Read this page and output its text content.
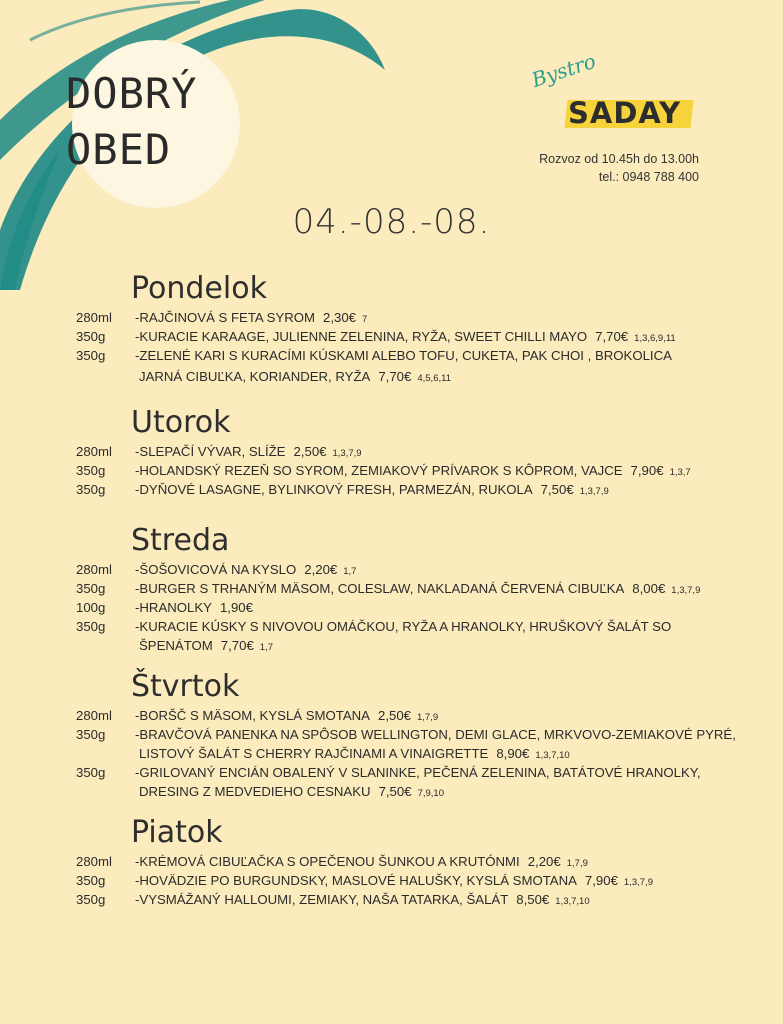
DOBRÝ
OBED
Bystro
SADAY
Rozvoz od 10.45h do 13.00h
tel.: 0948 788 400
04.-08.-08.
Pondelok
280ml -RAJČINOVÁ S FETA SYROM 2,30€ 7
350g -KURACIE KARAAGE, JULIENNE ZELENINA, RYŽA, SWEET CHILLI MAYO 7,70€ 1,3,6,9,11
350g -ZELENÉ KARI S KURACÍMI KÚSKAMI ALEBO TOFU, CUKETA, PAK CHOI , BROKOLICA
JARNÁ CIBUĽKA, KORIANDER, RYŽA 7,70€ 4,5,6,11
Utorok
280ml -SLEPAČÍ VÝVAR, SLÍŽE 2,50€ 1,3,7,9
350g -HOLANDSKÝ REZEŇ SO SYROM, ZEMIAKOVÝ PRÍVAROK S KÔPROM, VAJCE 7,90€ 1,3,7
350g -DYŇOVÉ LASAGNE, BYLINKOVÝ FRESH, PARMEZÁN, RUKOLA 7,50€ 1,3,7,9
Streda
280ml -ŠOŠOVICOVÁ NA KYSLO 2,20€ 1,7
350g -BURGER S TRHANÝM MÄSOM, COLESLAW, NAKLADANÁ ČERVENÁ CIBUĽKA 8,00€ 1,3,7,9
100g -HRANOLKY 1,90€
350g -KURACIE KÚSKY S NIVOVOU OMÁČKOU, RYŽA A HRANOLKY, HRUŠKOVÝ ŠALÁT SO
ŠPENÁTOM 7,70€ 1,7
Štvrtok
280ml -BORŠČ S MÄSOM, KYSLÁ SMOTANA 2,50€ 1,7,9
350g -BRAVČOVÁ PANENKA NA SPÔSOB WELLINGTON, DEMI GLACE, MRKVOVO-ZEMIAKOVÉ PYRÉ,
LISTOVÝ ŠALÁT S CHERRY RAJČINAMI A VINAIGRETTE 8,90€ 1,3,7,10
350g -GRILOVANÝ ENCIÁN OBALENÝ V SLANINKE, PEČENÁ ZELENINA, BATÁTOVÉ HRANOLKY,
DRESING Z MEDVEDIEHO CESNAKU 7,50€ 7,9,10
Piatok
280ml -KRÉMOVÁ CIBUĽAČKA S OPEČENOU ŠUNKOU A KRUTÓNMI 2,20€ 1,7,9
350g -HOVÄDZIE PO BURGUNDSKY, MASLOVÉ HALUŠKY, KYSLÁ SMOTANA 7,90€ 1,3,7,9
350g -VYSMÁŽANÝ HALLOUMI, ZEMIAKY, NAŠA TATARKA, ŠALÁT 8,50€ 1,3,7,10
